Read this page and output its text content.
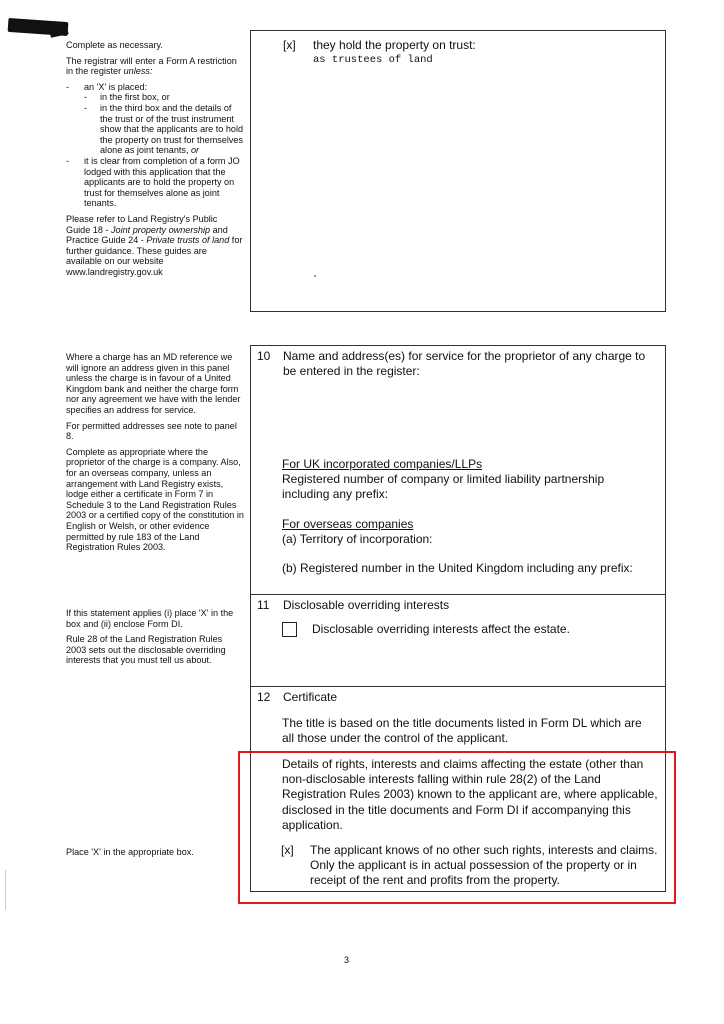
Complete as necessary.

The registrar will enter a Form A restriction in the register unless:

- an 'X' is placed:
- in the first box, or
- in the third box and the details of the trust or of the trust instrument show that the applicants are to hold the property on trust for themselves alone as joint tenants, or
- it is clear from completion of a form JO lodged with this application that the applicants are to hold the property on trust for themselves alone as joint tenants.

Please refer to Land Registry's Public Guide 18 - Joint property ownership and Practice Guide 24 - Private trusts of land for further guidance. These guides are available on our website www.landregistry.gov.uk

Where a charge has an MD reference we will ignore an address given in this panel unless the charge is in favour of a United Kingdom bank and neither the charge form nor any agreement we have with the lender specifies an address for service.

For permitted addresses see note to panel 8.

Complete as appropriate where the proprietor of the charge is a company. Also, for an overseas company, unless an arrangement with Land Registry exists, lodge either a certificate in Form 7 in Schedule 3 to the Land Registration Rules 2003 or a certified copy of the constitution in English or Welsh, or other evidence permitted by rule 183 of the Land Registration Rules 2003.

If this statement applies (i) place 'X' in the box and (ii) enclose Form DI.

Rule 28 of the Land Registration Rules 2003 sets out the disclosable overriding interests that you must tell us about.

Place 'X' in the appropriate box.

[x] they hold the property on trust:
as trustees of land
10 Name and address(es) for service for the proprietor of any charge to be entered in the register:
For UK incorporated companies/LLPs
Registered number of company or limited liability partnership including any prefix:
For overseas companies
(a) Territory of incorporation:
(b) Registered number in the United Kingdom including any prefix:
11 Disclosable overriding interests
Disclosable overriding interests affect the estate.
12 Certificate
The title is based on the title documents listed in Form DL which are all those under the control of the applicant.
Details of rights, interests and claims affecting the estate (other than non-disclosable interests falling within rule 28(2) of the Land Registration Rules 2003) known to the applicant are, where applicable, disclosed in the title documents and Form DI if accompanying this application.
[x] The applicant knows of no other such rights, interests and claims. Only the applicant is in actual possession of the property or in receipt of the rent and profits from the property.
3
